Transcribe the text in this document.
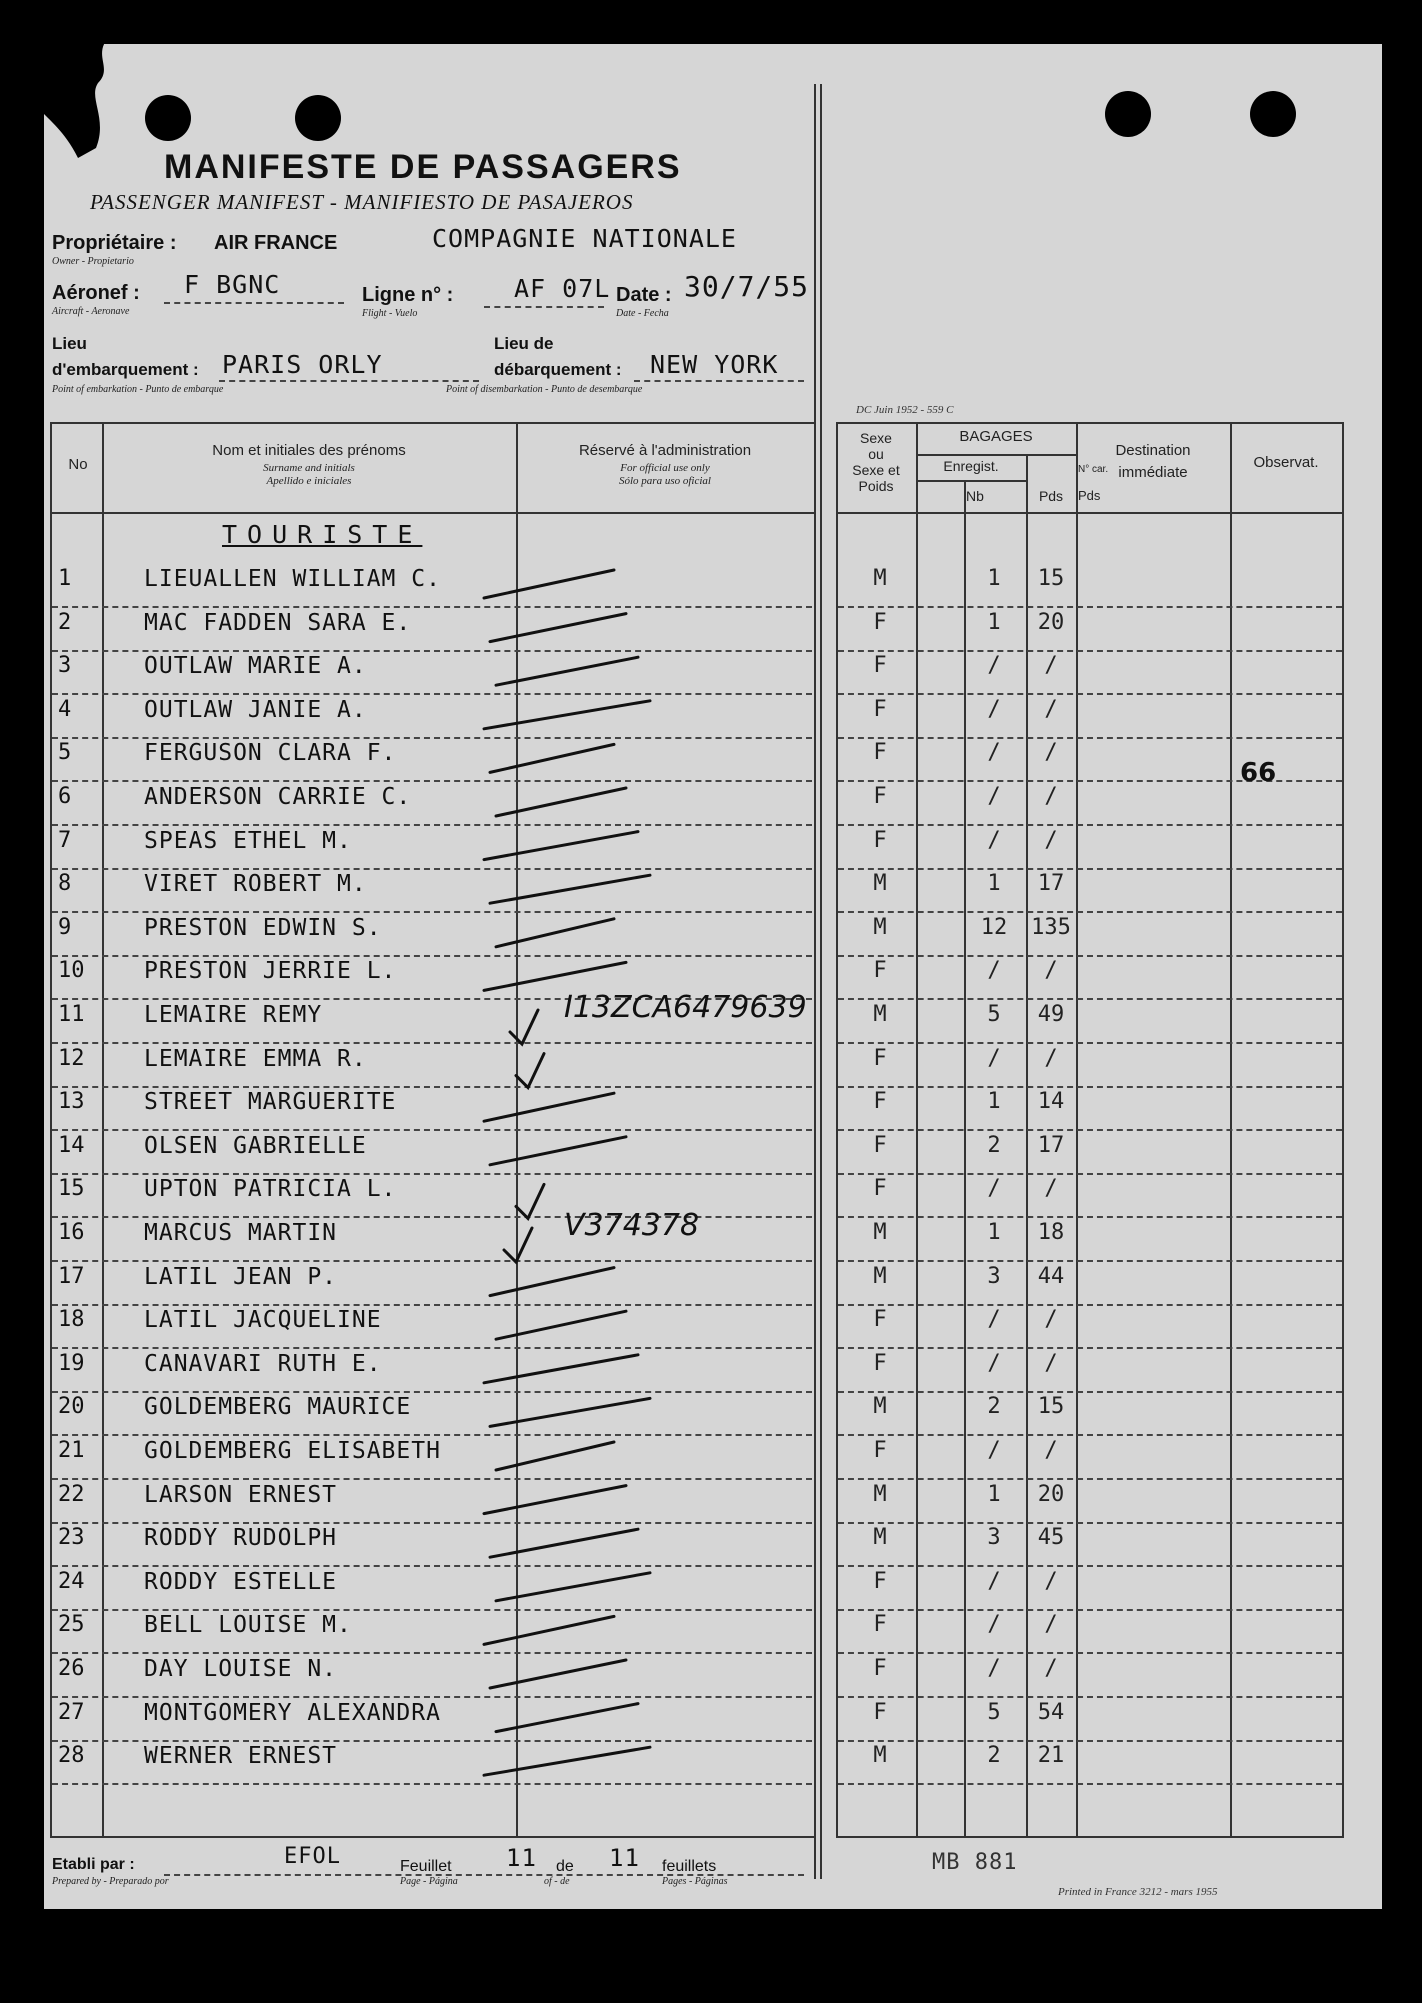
MANIFESTE DE PASSAGERS
PASSENGER MANIFEST - MANIFIESTO DE PASAJEROS
Propriétaire :
Owner - Propietario
AIR FRANCE	COMPAGNIE NATIONALE
Aéronef :
Aircraft - Aeronave
F BGNC	Ligne n° :
Flight - Vuelo
AF 07L Date :
Date - Fecha
30/7/55
Lieu
d'embarquement :
Point of embarkation - Punto de embarque
PARIS ORLY
Lieu de
débarquement :
Point of disembarkation - Punto de desembarque
NEW YORK
DC Juin 1952 - 559 C
No
Nom et initiales des prénoms
Surname and initials
Apellido e iniciales
Réservé à l'administration
For official use only
Sólo para uso oficial
Sexe
ou
Sexe et
Poids
BAGAGES
Enregist.
Nb	Pds
N° car.
Pds
Destination
immédiate
Observat.
TOURISTE
1	LIEUALLEN WILLIAM C.	M	1	15
2	MAC FADDEN SARA E.	F	1	20
3	OUTLAW MARIE A.	F	/	/
4	OUTLAW JANIE A.	F	/	/
5	FERGUSON CLARA F.	F	/	/
6	ANDERSON CARRIE C.	F	/	/
7	SPEAS ETHEL M.	F	/	/
8	VIRET ROBERT M.	M	1	17
9	PRESTON EDWIN S.	M	12	135
10	PRESTON JERRIE L.	F	/	/
11	LEMAIRE REMY	M	5	49
I13ZCA6479639
12	LEMAIRE EMMA R.	F	/	/
13	STREET MARGUERITE	F	1	14
14	OLSEN GABRIELLE	F	2	17
15	UPTON PATRICIA L.	F	/	/
16	MARCUS MARTIN	M	1	18
V374378
17	LATIL JEAN P.	M	3	44
18	LATIL JACQUELINE	F	/	/
19	CANAVARI RUTH E.	F	/	/
20	GOLDEMBERG MAURICE	M	2	15
21	GOLDEMBERG ELISABETH	F	/	/
22	LARSON ERNEST	M	1	20
23	RODDY RUDOLPH	M	3	45
24	RODDY ESTELLE	F	/	/
25	BELL LOUISE M.	F	/	/
26	DAY LOUISE N.	F	/	/
27	MONTGOMERY ALEXANDRA	F	5	54
28	WERNER ERNEST	M	2	21
66
Etabli par :
Prepared by - Preparado por
EFOL	Feuillet
Page - Página
11 de
of - de
11 feuillets
Pages - Páginas
MB 881
Printed in France 3212 - mars 1955
